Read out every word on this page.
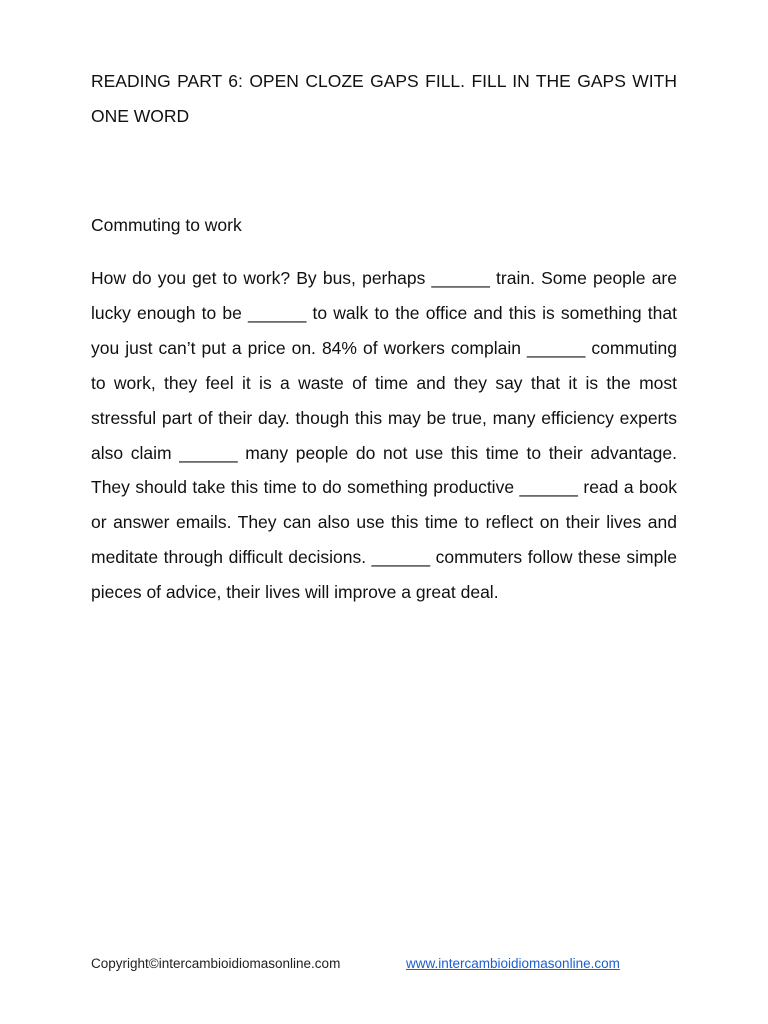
READING PART 6: OPEN CLOZE GAPS FILL. FILL IN THE GAPS WITH ONE WORD

Commuting to work

How do you get to work? By bus, perhaps ______ train. Some people are lucky enough to be ______ to walk to the office and this is something that you just can’t put a price on. 84% of workers complain ______ commuting to work, they feel it is a waste of time and they say that it is the most stressful part of their day. though this may be true, many efficiency experts also claim ______ many people do not use this time to their advantage. They should take this time to do something productive ______ read a book or answer emails. They can also use this time to reflect on their lives and meditate through difficult decisions. ______ commuters follow these simple pieces of advice, their lives will improve a great deal.

Copyright©intercambioidiomasonline.com	www.intercambioidiomasonline.com
